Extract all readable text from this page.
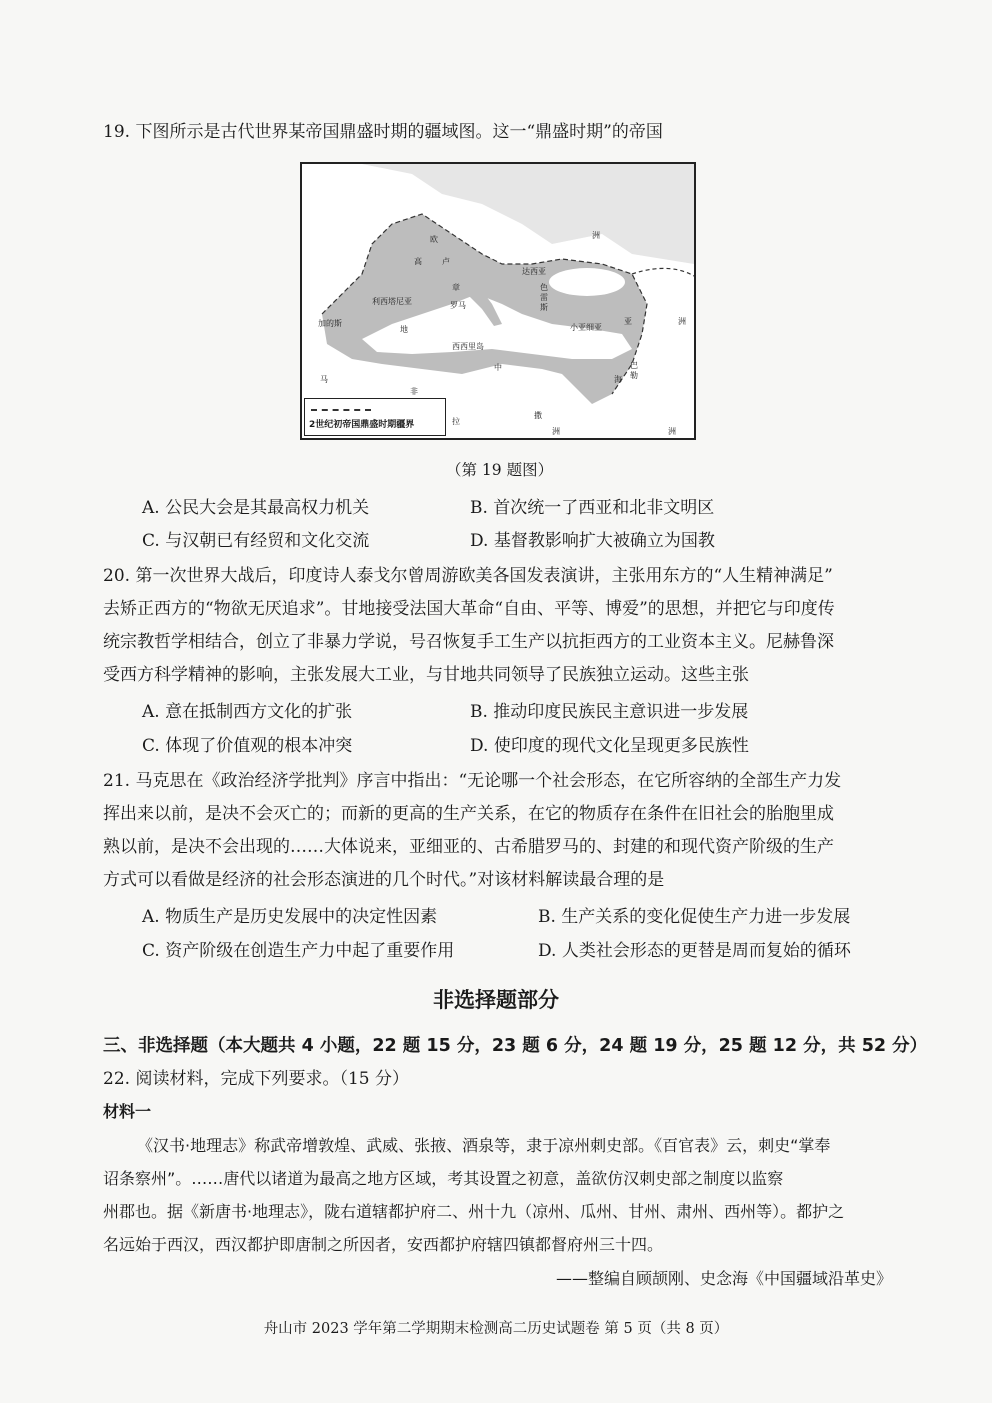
19. 下图所示是古代世界某帝国鼎盛时期的疆域图。这一“鼎盛时期”的帝国
欧
高	卢
达西亚
章	色
雷
斯
利西塔尼亚	罗马
小亚细亚
加的斯
地
西西里岛
中
亚
海
非
马
巴
勒
撒
拉
洲
洲
洲
洲
2世纪初帝国鼎盛时期疆界
（第 19 题图）
A. 公民大会是其最高权力机关	B. 首次统一了西亚和北非文明区
C. 与汉朝已有经贸和文化交流	D. 基督教影响扩大被确立为国教
20. 第一次世界大战后，印度诗人泰戈尔曾周游欧美各国发表演讲，主张用东方的“人生精神满足”
去矫正西方的“物欲无厌追求”。甘地接受法国大革命“自由、平等、博爱”的思想，并把它与印度传
统宗教哲学相结合，创立了非暴力学说，号召恢复手工生产以抗拒西方的工业资本主义。尼赫鲁深
受西方科学精神的影响，主张发展大工业，与甘地共同领导了民族独立运动。这些主张
A. 意在抵制西方文化的扩张	B. 推动印度民族民主意识进一步发展
C. 体现了价值观的根本冲突	D. 使印度的现代文化呈现更多民族性
21. 马克思在《政治经济学批判》序言中指出：“无论哪一个社会形态，在它所容纳的全部生产力发
挥出来以前，是决不会灭亡的；而新的更高的生产关系，在它的物质存在条件在旧社会的胎胞里成
熟以前，是决不会出现的……大体说来，亚细亚的、古希腊罗马的、封建的和现代资产阶级的生产
方式可以看做是经济的社会形态演进的几个时代。”对该材料解读最合理的是
A. 物质生产是历史发展中的决定性因素	B. 生产关系的变化促使生产力进一步发展
C. 资产阶级在创造生产力中起了重要作用	D. 人类社会形态的更替是周而复始的循环
非选择题部分
三、非选择题（本大题共 4 小题，22 题 15 分，23 题 6 分，24 题 19 分，25 题 12 分，共 52 分）
22. 阅读材料，完成下列要求。（15 分）
材料一
《汉书·地理志》称武帝增敦煌、武威、张掖、酒泉等，隶于凉州刺史部。《百官表》云，刺史“掌奉
诏条察州”。……唐代以诸道为最高之地方区域，考其设置之初意，盖欲仿汉刺史部之制度以监察
州郡也。据《新唐书·地理志》，陇右道辖都护府二、州十九（凉州、瓜州、甘州、肃州、西州等）。都护之
名远始于西汉，西汉都护即唐制之所因者，安西都护府辖四镇都督府州三十四。
——整编自顾颉刚、史念海《中国疆域沿革史》
舟山市 2023 学年第二学期期末检测高二历史试题卷 第 5 页（共 8 页）
